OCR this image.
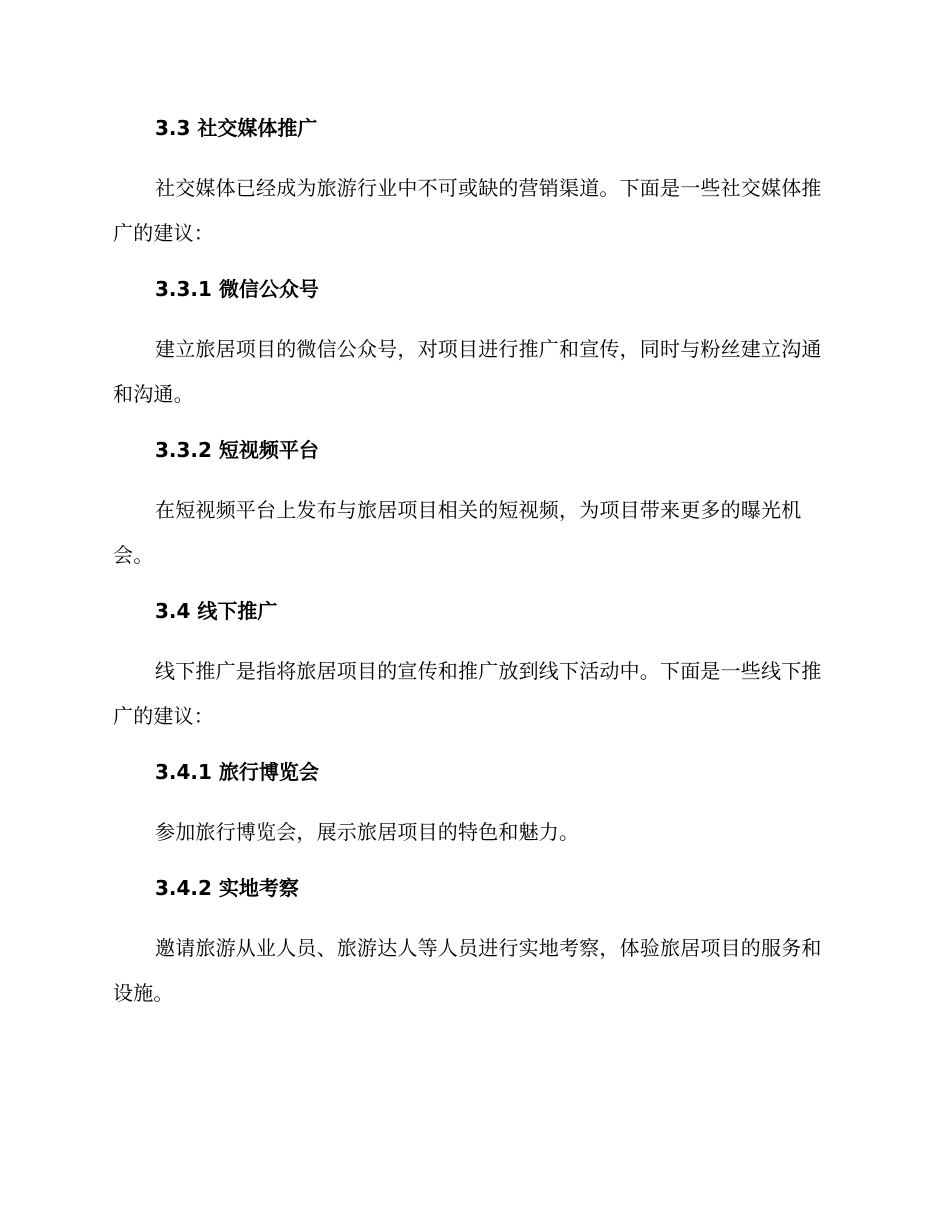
3.3 社交媒体推广

社交媒体已经成为旅游行业中不可或缺的营销渠道。下面是一些社交媒体推广的建议：

3.3.1 微信公众号

建立旅居项目的微信公众号，对项目进行推广和宣传，同时与粉丝建立沟通和沟通。

3.3.2 短视频平台

在短视频平台上发布与旅居项目相关的短视频，为项目带来更多的曝光机会。

3.4 线下推广

线下推广是指将旅居项目的宣传和推广放到线下活动中。下面是一些线下推广的建议：

3.4.1 旅行博览会

参加旅行博览会，展示旅居项目的特色和魅力。

3.4.2 实地考察

邀请旅游从业人员、旅游达人等人员进行实地考察，体验旅居项目的服务和设施。
